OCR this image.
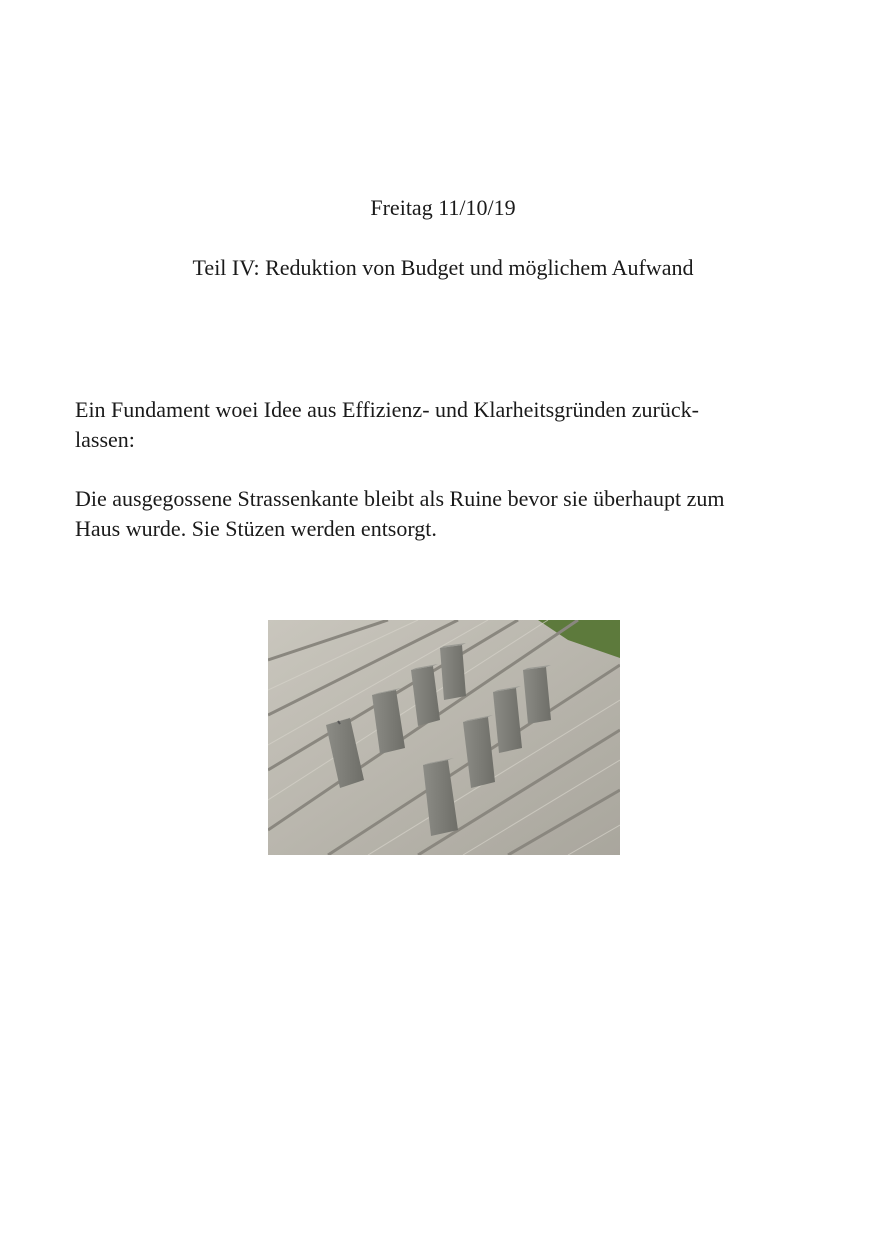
Freitag 11/10/19
Teil IV: Reduktion von Budget und möglichem Aufwand

Ein Fundament woei Idee aus Effizienz- und Klarheitsgründen zurück-
lassen:

Die ausgegossene Strassenkante bleibt als Ruine bevor sie überhaupt zum
Haus wurde. Sie Stüzen werden entsorgt.
